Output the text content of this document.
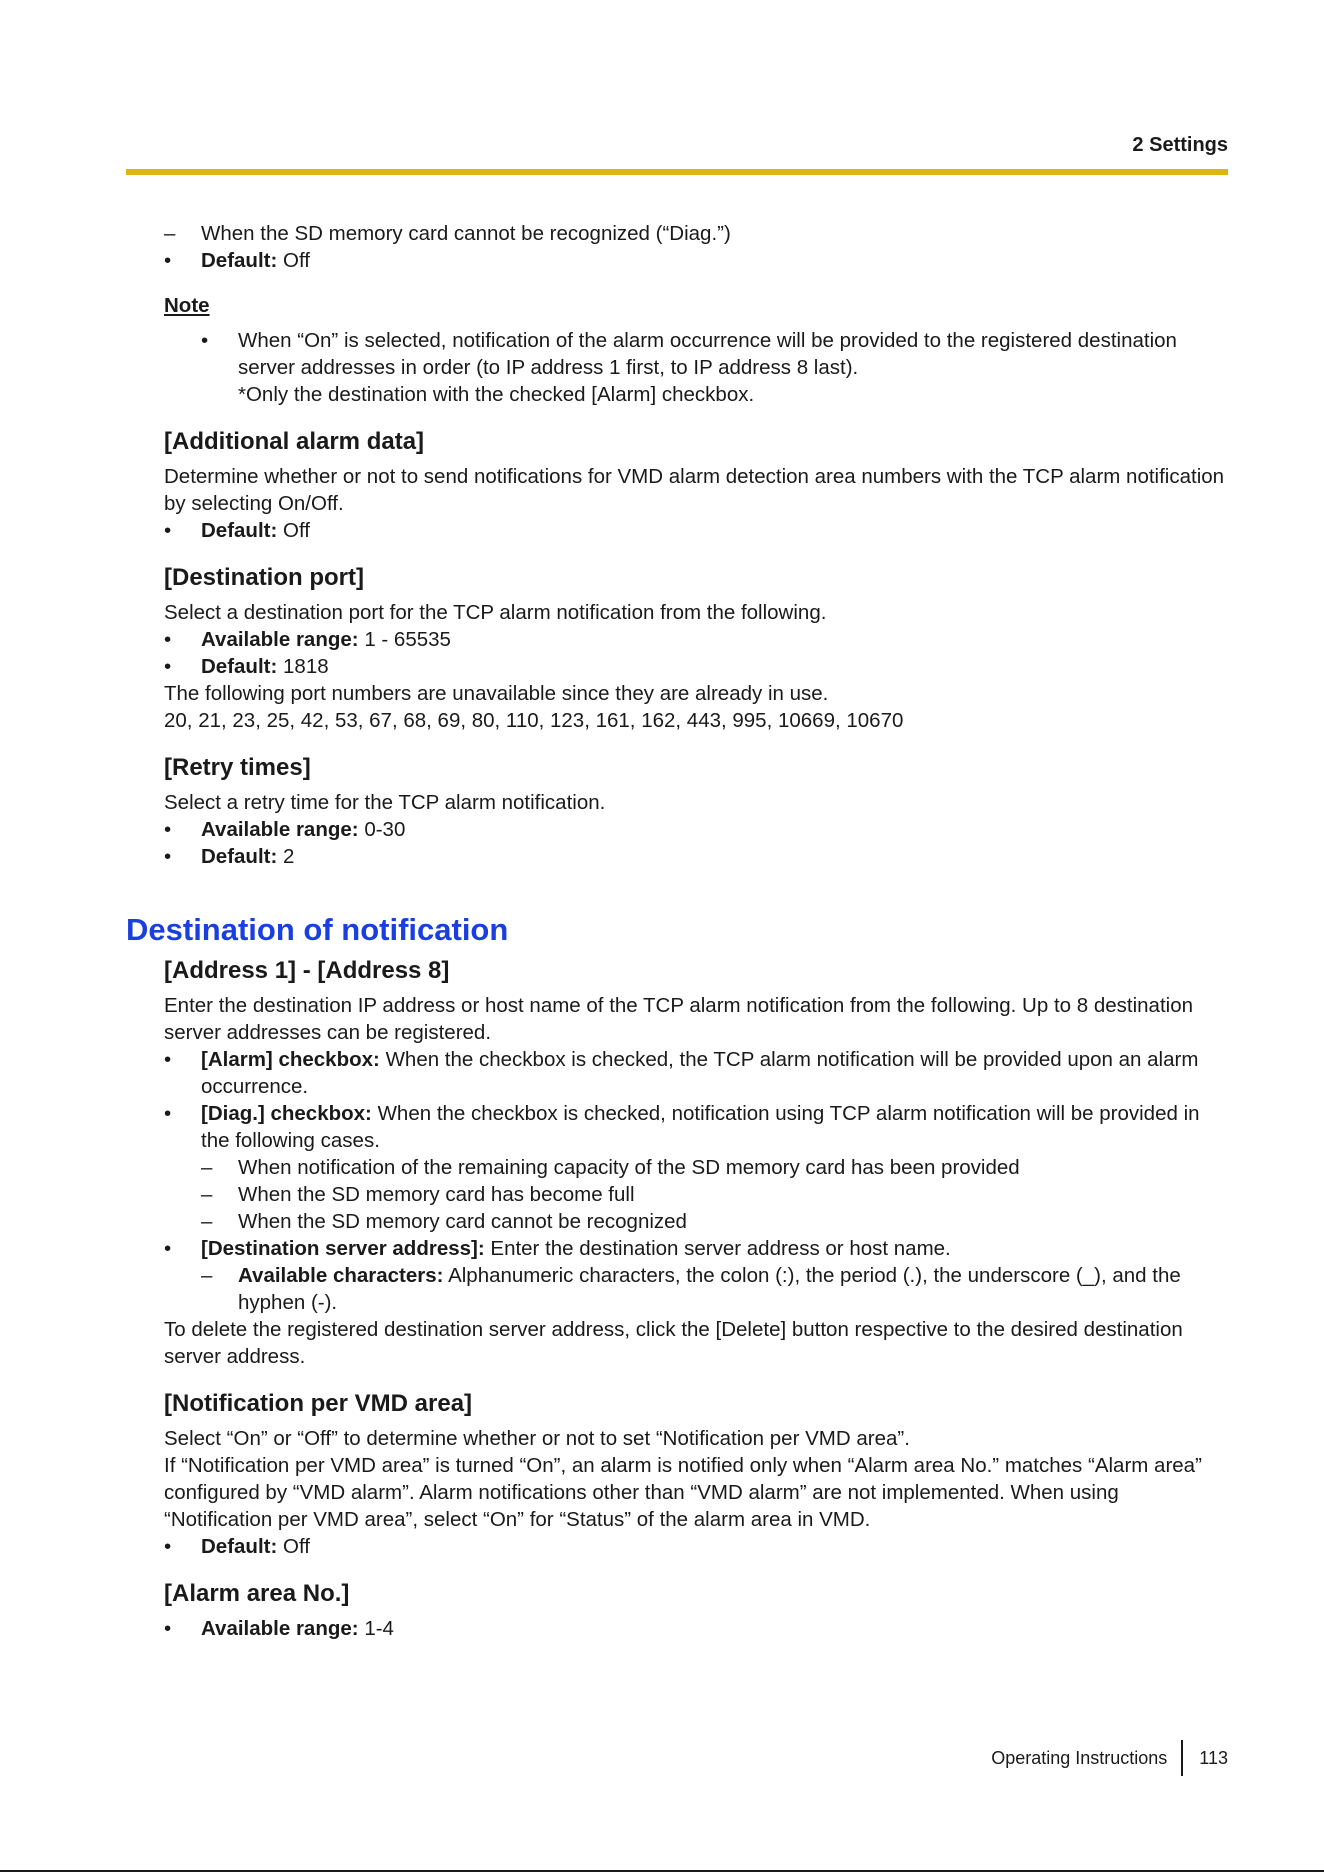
2 Settings
–	When the SD memory card cannot be recognized (“Diag.”)
•	Default: Off
Note
•	When “On” is selected, notification of the alarm occurrence will be provided to the registered destination server addresses in order (to IP address 1 first, to IP address 8 last).
*Only the destination with the checked [Alarm] checkbox.
[Additional alarm data]

Determine whether or not to send notifications for VMD alarm detection area numbers with the TCP alarm notification by selecting On/Off.

•	Default: Off
[Destination port]

Select a destination port for the TCP alarm notification from the following.

•	Available range: 1 - 65535
•	Default: 1818

The following port numbers are unavailable since they are already in use.

20, 21, 23, 25, 42, 53, 67, 68, 69, 80, 110, 123, 161, 162, 443, 995, 10669, 10670

[Retry times]

Select a retry time for the TCP alarm notification.

•	Available range: 0-30
•	Default: 2
Destination of notification
[Address 1] - [Address 8]

Enter the destination IP address or host name of the TCP alarm notification from the following. Up to 8 destination server addresses can be registered.

•	[Alarm] checkbox: When the checkbox is checked, the TCP alarm notification will be provided upon an alarm occurrence.
•	[Diag.] checkbox: When the checkbox is checked, notification using TCP alarm notification will be provided in the following cases.
–	When notification of the remaining capacity of the SD memory card has been provided
–	When the SD memory card has become full
–	When the SD memory card cannot be recognized
•	[Destination server address]: Enter the destination server address or host name.
–	Available characters: Alphanumeric characters, the colon (:), the period (.), the underscore (_), and the hyphen (-).

To delete the registered destination server address, click the [Delete] button respective to the desired destination server address.

[Notification per VMD area]

Select “On” or “Off” to determine whether or not to set “Notification per VMD area”.

If “Notification per VMD area” is turned “On”, an alarm is notified only when “Alarm area No.” matches “Alarm area” configured by “VMD alarm”. Alarm notifications other than “VMD alarm” are not implemented. When using “Notification per VMD area”, select “On” for “Status” of the alarm area in VMD.

•	Default: Off
[Alarm area No.]
•	Available range: 1-4
Operating Instructions 113
